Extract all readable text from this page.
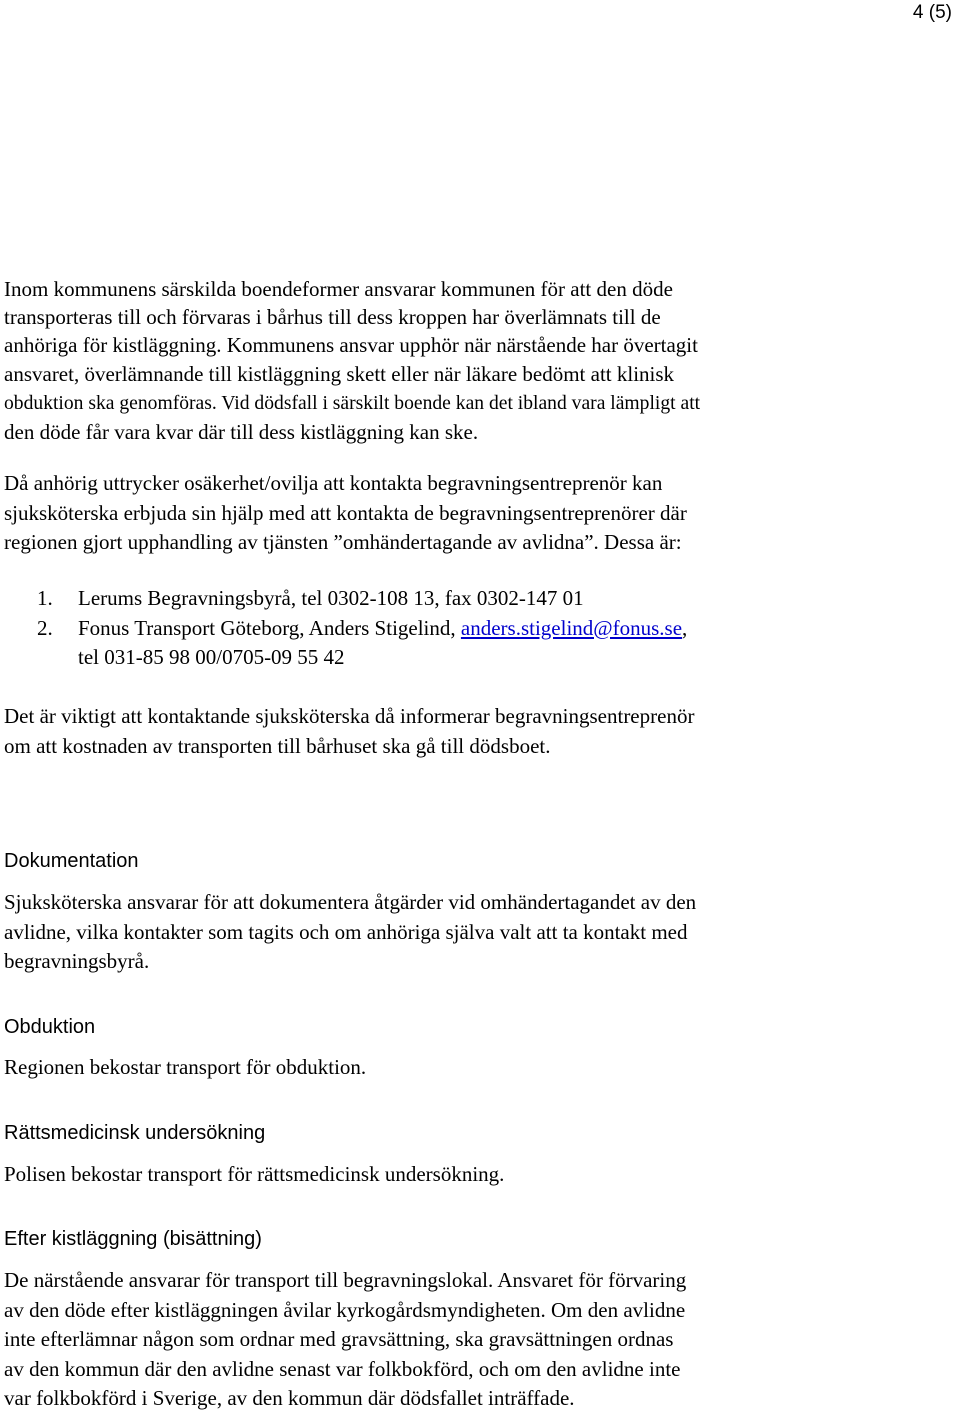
4 (5)

Inom kommunens särskilda boendeformer ansvarar kommunen för att den döde
transporteras till och förvaras i bårhus till dess kroppen har överlämnats till de
anhöriga för kistläggning. Kommunens ansvar upphör när närstående har övertagit
ansvaret, överlämnande till kistläggning skett eller när läkare bedömt att klinisk
obduktion ska genomföras. Vid dödsfall i särskilt boende kan det ibland vara lämpligt att
den döde får vara kvar där till dess kistläggning kan ske.

Då anhörig uttrycker osäkerhet/ovilja att kontakta begravningsentreprenör kan
sjuksköterska erbjuda sin hjälp med att kontakta de begravningsentreprenörer där
regionen gjort upphandling av tjänsten ”omhändertagande av avlidna”. Dessa är:

1. Lerums Begravningsbyrå, tel 0302-108 13, fax 0302-147 01
2. Fonus Transport Göteborg, Anders Stigelind, anders.stigelind@fonus.se,
tel 031-85 98 00/0705-09 55 42

Det är viktigt att kontaktande sjuksköterska då informerar begravningsentreprenör
om att kostnaden av transporten till bårhuset ska gå till dödsboet.

Dokumentation

Sjuksköterska ansvarar för att dokumentera åtgärder vid omhändertagandet av den
avlidne, vilka kontakter som tagits och om anhöriga själva valt att ta kontakt med
begravningsbyrå.

Obduktion

Regionen bekostar transport för obduktion.

Rättsmedicinsk undersökning

Polisen bekostar transport för rättsmedicinsk undersökning.

Efter kistläggning (bisättning)

De närstående ansvarar för transport till begravningslokal. Ansvaret för förvaring
av den döde efter kistläggningen åvilar kyrkogårdsmyndigheten. Om den avlidne
inte efterlämnar någon som ordnar med gravsättning, ska gravsättningen ordnas
av den kommun där den avlidne senast var folkbokförd, och om den avlidne inte
var folkbokförd i Sverige, av den kommun där dödsfallet inträffade.
